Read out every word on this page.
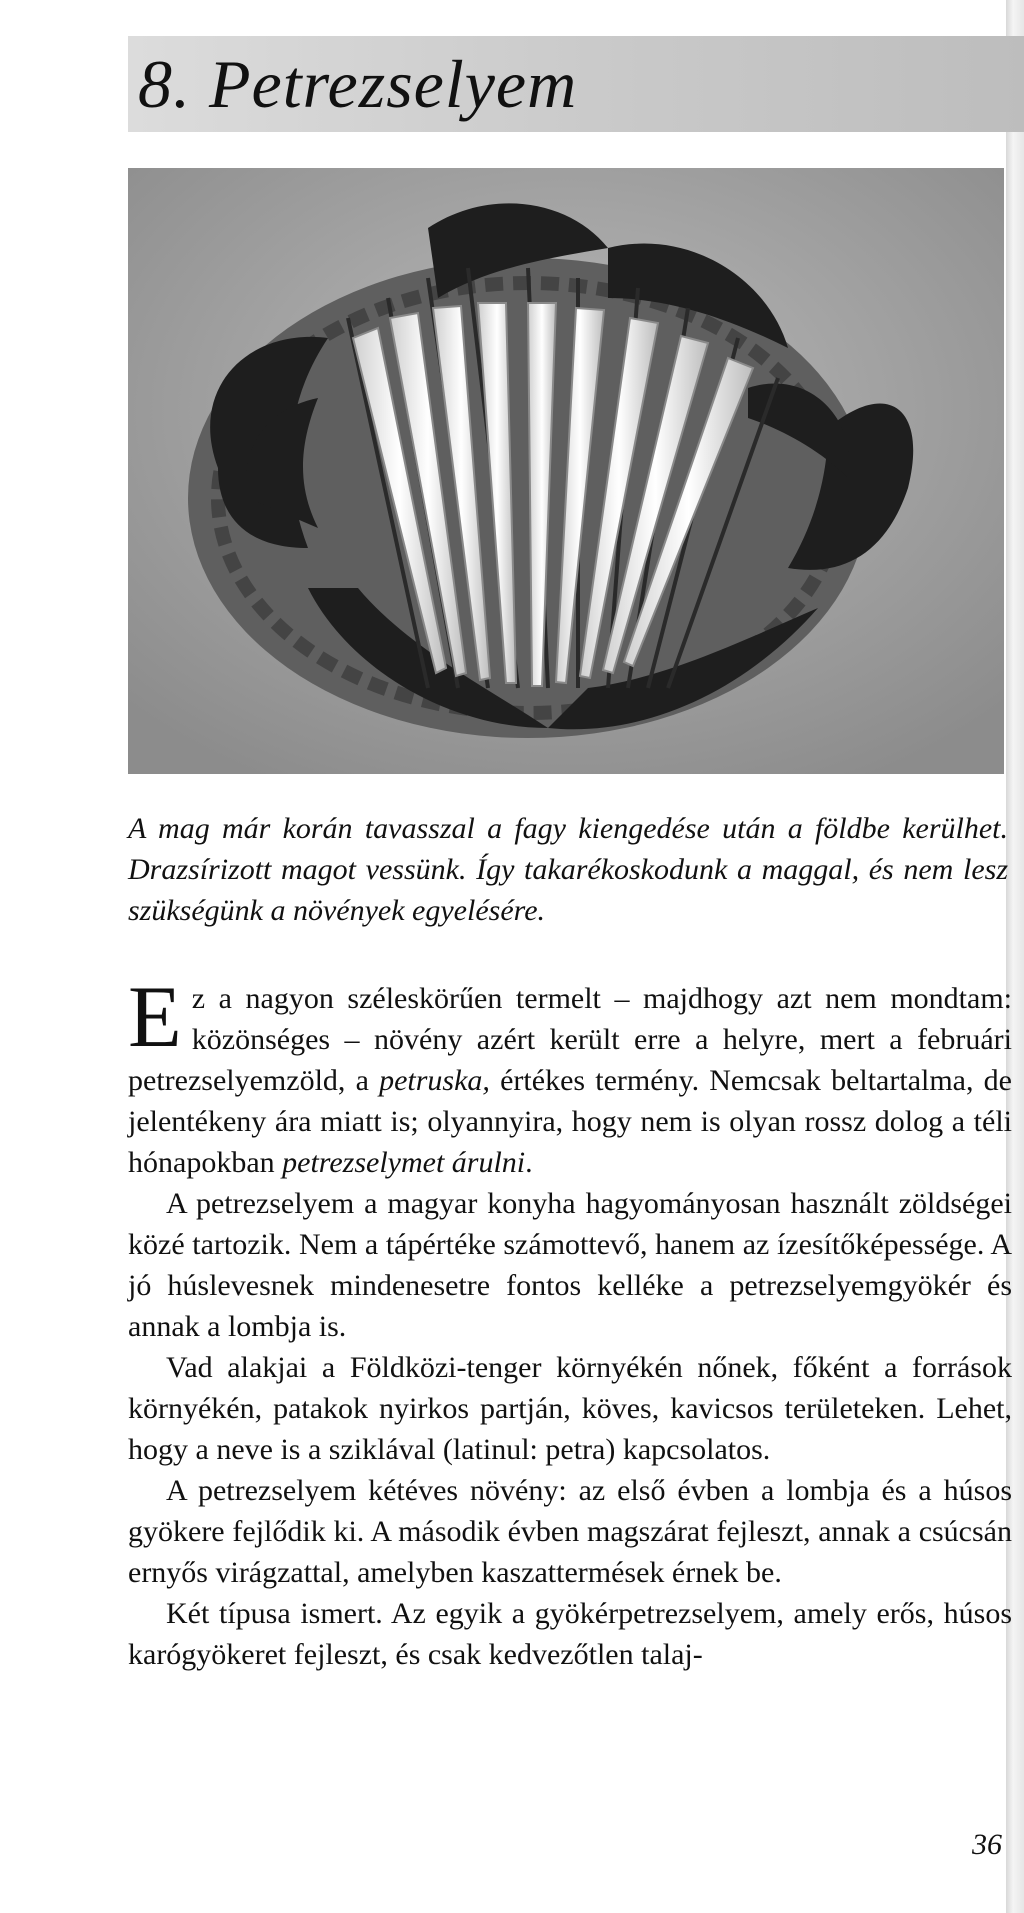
8. Petrezselyem
A mag már korán tavasszal a fagy kiengedése után a földbe kerülhet. Drazsírizott magot vessünk. Így takarékoskodunk a maggal, és nem lesz szükségünk a növények egyelésére.

Ez a nagyon széleskörűen termelt – majdhogy azt nem mondtam: közönséges – növény azért került erre a helyre, mert a februári petrezselyemzöld, a petruska, értékes termény. Nemcsak beltartalma, de jelentékeny ára miatt is; olyannyira, hogy nem is olyan rossz dolog a téli hónapokban petrezselymet árulni.

A petrezselyem a magyar konyha hagyományosan használt zöldségei közé tartozik. Nem a tápértéke számottevő, hanem az ízesítőképessége. A jó húslevesnek mindenesetre fontos kelléke a petrezselyemgyökér és annak a lombja is.

Vad alakjai a Földközi-tenger környékén nőnek, főként a források környékén, patakok nyirkos partján, köves, kavicsos területeken. Lehet, hogy a neve is a sziklával (latinul: petra) kapcsolatos.

A petrezselyem kétéves növény: az első évben a lombja és a húsos gyökere fejlődik ki. A második évben magszárat fejleszt, annak a csúcsán ernyős virágzattal, amelyben kaszattermések érnek be.

Két típusa ismert. Az egyik a gyökérpetrezselyem, amely erős, húsos karógyökeret fejleszt, és csak kedvezőtlen talaj-

36
